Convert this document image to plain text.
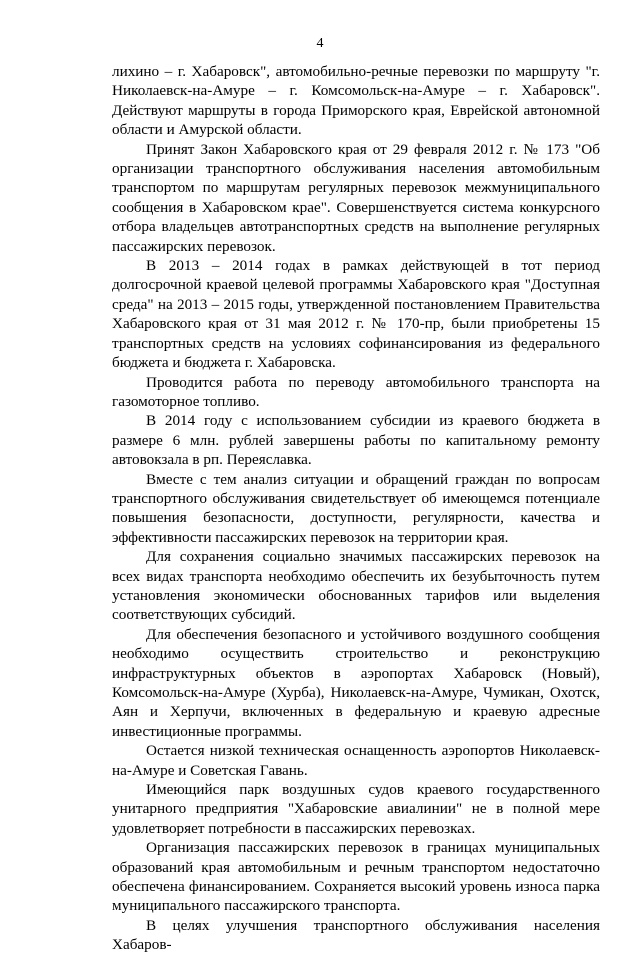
4

лихино – г. Хабаровск", автомобильно-речные перевозки по маршруту "г. Николаевск-на-Амуре – г. Комсомольск-на-Амуре – г. Хабаровск". Действуют маршруты в города Приморского края, Еврейской автономной области и Амурской области.

Принят Закон Хабаровского края от 29 февраля 2012 г. № 173 "Об организации транспортного обслуживания населения автомобильным транспортом по маршрутам регулярных перевозок межмуниципального сообщения в Хабаровском крае". Совершенствуется система конкурсного отбора владельцев автотранспортных средств на выполнение регулярных пассажирских перевозок.

В 2013 – 2014 годах в рамках действующей в тот период долгосрочной краевой целевой программы Хабаровского края "Доступная среда" на 2013 – 2015 годы, утвержденной постановлением Правительства Хабаровского края от 31 мая 2012 г. № 170-пр, были приобретены 15 транспортных средств на условиях софинансирования из федерального бюджета и бюджета г. Хабаровска.

Проводится работа по переводу автомобильного транспорта на газомоторное топливо.

В 2014 году с использованием субсидии из краевого бюджета в размере 6 млн. рублей завершены работы по капитальному ремонту автовокзала в рп. Переяславка.

Вместе с тем анализ ситуации и обращений граждан по вопросам транспортного обслуживания свидетельствует об имеющемся потенциале повышения безопасности, доступности, регулярности, качества и эффективности пассажирских перевозок на территории края.

Для сохранения социально значимых пассажирских перевозок на всех видах транспорта необходимо обеспечить их безубыточность путем установления экономически обоснованных тарифов или выделения соответствующих субсидий.

Для обеспечения безопасного и устойчивого воздушного сообщения необходимо осуществить строительство и реконструкцию инфраструктурных объектов в аэропортах Хабаровск (Новый), Комсомольск-на-Амуре (Хурба), Николаевск-на-Амуре, Чумикан, Охотск, Аян и Херпучи, включенных в федеральную и краевую адресные инвестиционные программы.

Остается низкой техническая оснащенность аэропортов Николаевск-на-Амуре и Советская Гавань.

Имеющийся парк воздушных судов краевого государственного унитарного предприятия "Хабаровские авиалинии" не в полной мере удовлетворяет потребности в пассажирских перевозках.

Организация пассажирских перевозок в границах муниципальных образований края автомобильным и речным транспортом недостаточно обеспечена финансированием. Сохраняется высокий уровень износа парка муниципального пассажирского транспорта.

В целях улучшения транспортного обслуживания населения Хабаров-
